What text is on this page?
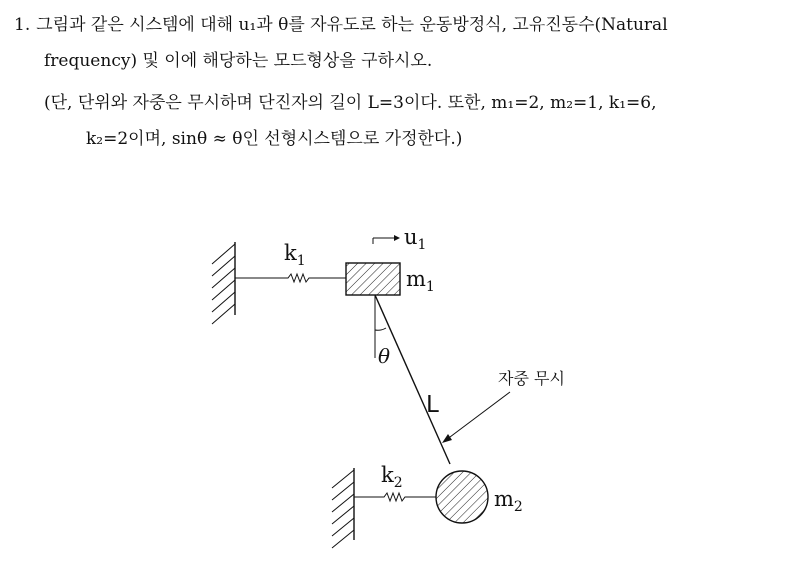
1. 그림과 같은 시스템에 대해 u₁과 θ를 자유도로 하는 운동방정식, 고유진동수(Natural
frequency) 및 이에 해당하는 모드형상을 구하시오.
(단, 단위와 자중은 무시하며 단진자의 길이 L=3이다. 또한, m₁=2, m₂=1, k₁=6,
k₂=2이며, sinθ ≈ θ인 선형시스템으로 가정한다.)
$k_1$
$u_1$
$m_1$
θ
L
자중 무시
$k_2$
$m_2$
